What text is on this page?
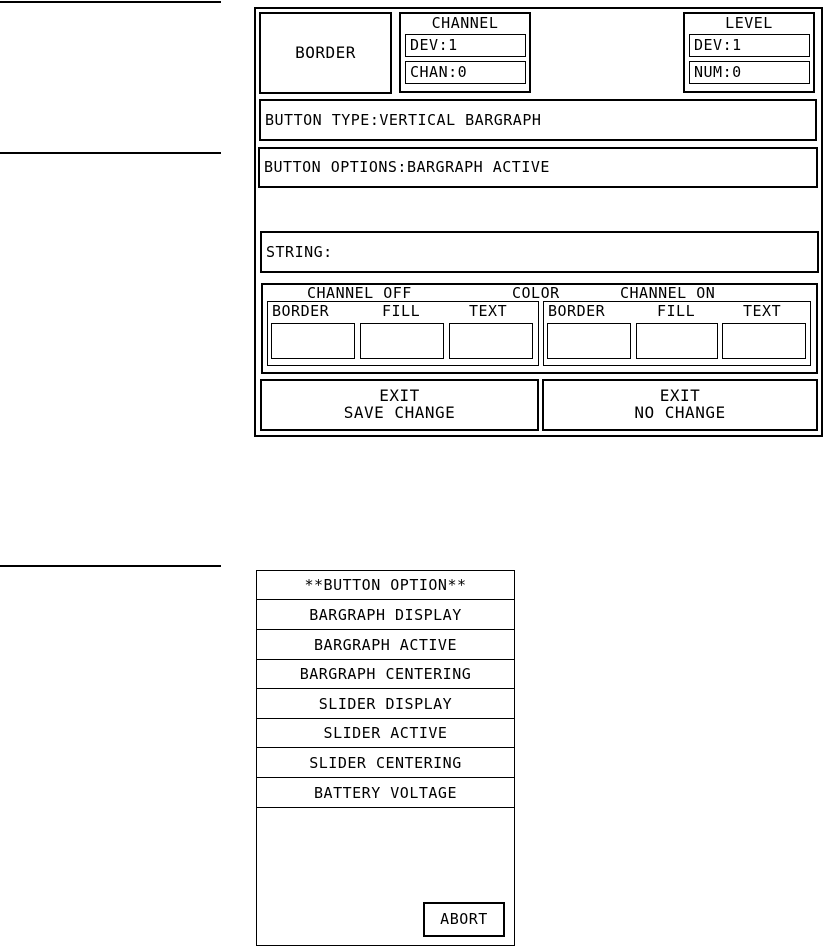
BORDER
CHANNEL
DEV:1
CHAN:0
LEVEL
DEV:1
NUM:0
BUTTON TYPE:VERTICAL BARGRAPH
BUTTON OPTIONS:BARGRAPH ACTIVE
STRING:
CHANNEL OFF	COLOR	CHANNEL ON
BORDER	FILL	TEXT	BORDER	FILL	TEXT
EXIT
SAVE CHANGE
EXIT
NO CHANGE
**BUTTON OPTION**
BARGRAPH DISPLAY
BARGRAPH ACTIVE
BARGRAPH CENTERING
SLIDER DISPLAY
SLIDER ACTIVE
SLIDER CENTERING
BATTERY VOLTAGE
ABORT
